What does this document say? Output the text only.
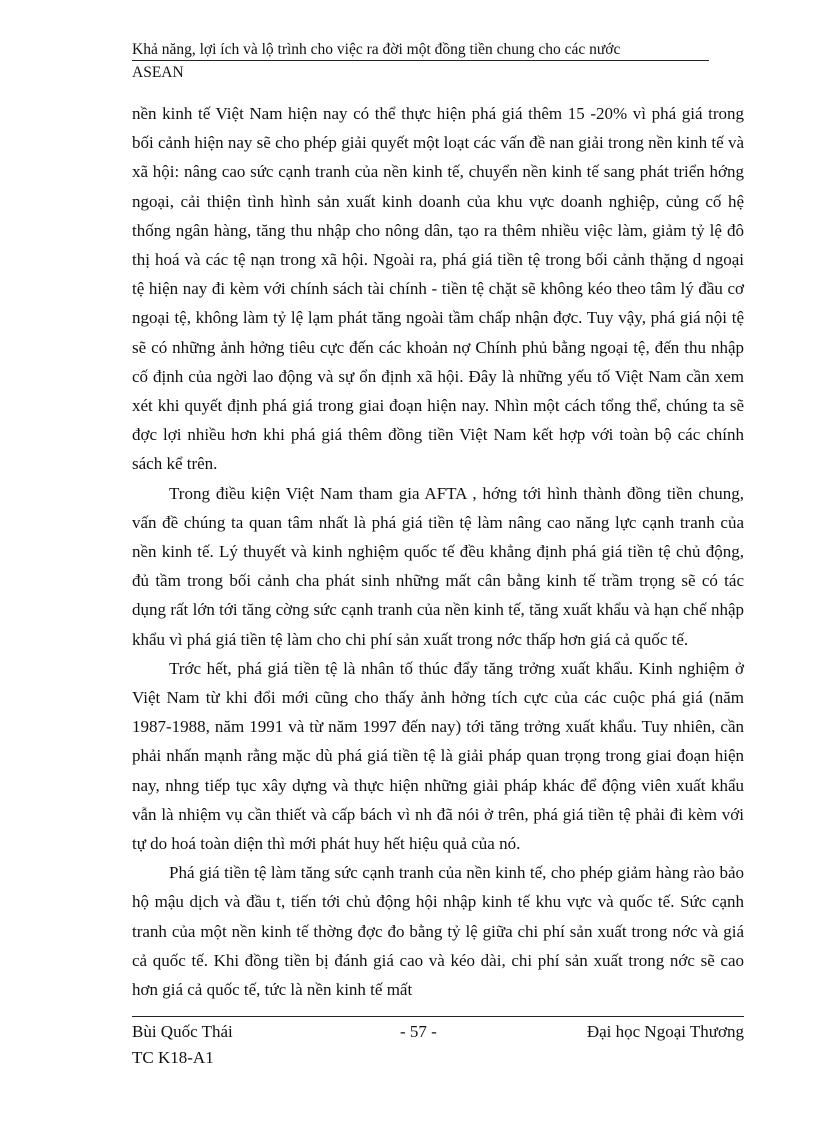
Khả năng, lợi ích và lộ trình cho việc ra đời một đồng tiền chung cho các nước
ASEAN

nền kinh tế Việt Nam hiện nay có thể thực hiện phá giá thêm 15 -20% vì phá giá trong bối cảnh hiện nay sẽ cho phép giải quyết một loạt các vấn đề nan giải trong nền kinh tế và xã hội: nâng cao sức cạnh tranh của nền kinh tế, chuyển nền kinh tế sang phát triển hớng ngoại, cải thiện tình hình sản xuất kinh doanh của khu vực doanh nghiệp, củng cố hệ thống ngân hàng, tăng thu nhập cho nông dân, tạo ra thêm nhiều việc làm, giảm tỷ lệ đô thị hoá và các tệ nạn trong xã hội. Ngoài ra, phá giá tiền tệ trong bối cảnh thặng d ngoại tệ hiện nay đi kèm với chính sách tài chính - tiền tệ chặt sẽ không kéo theo tâm lý đầu cơ ngoại tệ, không làm tỷ lệ lạm phát tăng ngoài tầm chấp nhận đợc. Tuy vậy, phá giá nội tệ sẽ có những ảnh hởng tiêu cực đến các khoản nợ Chính phủ bằng ngoại tệ, đến thu nhập cố định của ngời lao động và sự ổn định xã hội. Đây là những yếu tố Việt Nam cần xem xét khi quyết định phá giá trong giai đoạn hiện nay. Nhìn một cách tổng thể, chúng ta sẽ đợc lợi nhiều hơn khi phá giá thêm đồng tiền Việt Nam kết hợp với toàn bộ các chính sách kể trên.

Trong điều kiện Việt Nam tham gia AFTA , hớng tới hình thành đồng tiền chung, vấn đề chúng ta quan tâm nhất là phá giá tiền tệ làm nâng cao năng lực cạnh tranh của nền kinh tế. Lý thuyết và kinh nghiệm quốc tế đều khẳng định phá giá tiền tệ chủ động, đủ tầm trong bối cảnh cha phát sinh những mất cân bằng kinh tế trầm trọng sẽ có tác dụng rất lớn tới tăng cờng sức cạnh tranh của nền kinh tế, tăng xuất khẩu và hạn chế nhập khẩu vì phá giá tiền tệ làm cho chi phí sản xuất trong nớc thấp hơn giá cả quốc tế.

Trớc hết, phá giá tiền tệ là nhân tố thúc đẩy tăng trởng xuất khẩu. Kinh nghiệm ở Việt Nam từ khi đổi mới cũng cho thấy ảnh hởng tích cực của các cuộc phá giá (năm 1987-1988, năm 1991 và từ năm 1997 đến nay) tới tăng trởng xuất khẩu. Tuy nhiên, cần phải nhấn mạnh rằng mặc dù phá giá tiền tệ là giải pháp quan trọng trong giai đoạn hiện nay, nhng tiếp tục xây dựng và thực hiện những giải pháp khác để động viên xuất khẩu vẫn là nhiệm vụ cần thiết và cấp bách vì nh đã nói ở trên, phá giá tiền tệ phải đi kèm với tự do hoá toàn diện thì mới phát huy hết hiệu quả của nó.

Phá giá tiền tệ làm tăng sức cạnh tranh của nền kinh tế, cho phép giảm hàng rào bảo hộ mậu dịch và đầu t, tiến tới chủ động hội nhập kinh tế khu vực và quốc tế. Sức cạnh tranh của một nền kinh tế thờng đợc đo bằng tỷ lệ giữa chi phí sản xuất trong nớc và giá cả quốc tế. Khi đồng tiền bị đánh giá cao và kéo dài, chi phí sản xuất trong nớc sẽ cao hơn giá cả quốc tế, tức là nền kinh tế mất

Bùi Quốc Thái	- 57 -	Đại học Ngoại Thương
TC K18-A1
